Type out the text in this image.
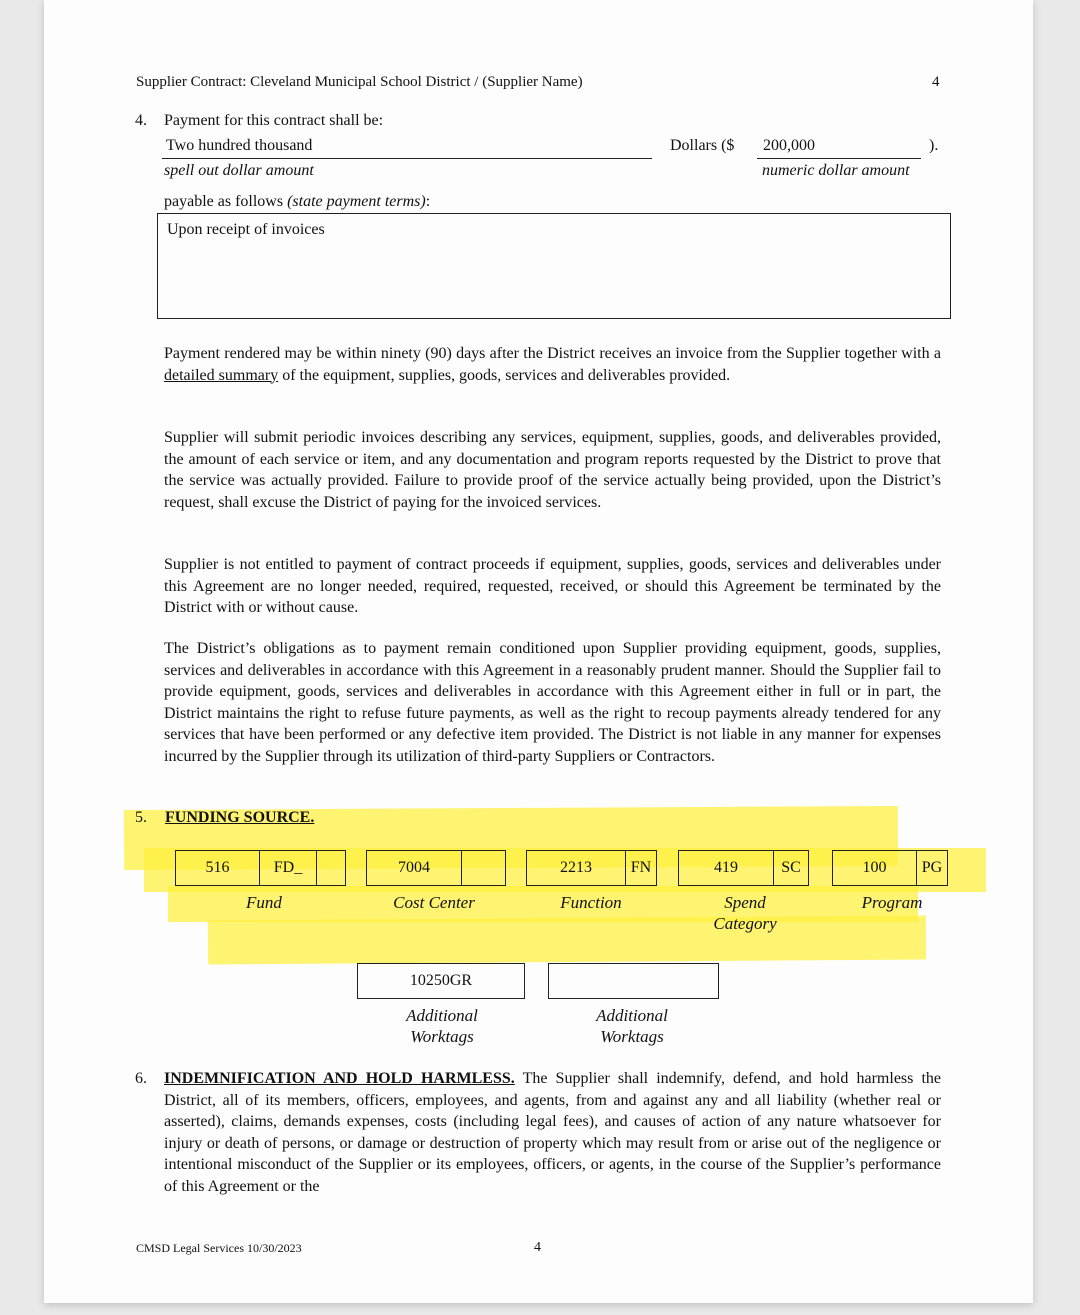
Supplier Contract: Cleveland Municipal School District / (Supplier Name)	4
4. Payment for this contract shall be:
Two hundred thousand
spell out dollar amount
Dollars ($ 200,000	).
numeric dollar amount
payable as follows (state payment terms):
Upon receipt of invoices
Payment rendered may be within ninety (90) days after the District receives an invoice from the Supplier together with a detailed summary of the equipment, supplies, goods, services and deliverables provided.
Supplier will submit periodic invoices describing any services, equipment, supplies, goods, and deliverables provided, the amount of each service or item, and any documentation and program reports requested by the District to prove that the service was actually provided. Failure to provide proof of the service actually being provided, upon the District’s request, shall excuse the District of paying for the invoiced services.
Supplier is not entitled to payment of contract proceeds if equipment, supplies, goods, services and deliverables under this Agreement are no longer needed, required, requested, received, or should this Agreement be terminated by the District with or without cause.
The District’s obligations as to payment remain conditioned upon Supplier providing equipment, goods, supplies, services and deliverables in accordance with this Agreement in a reasonably prudent manner. Should the Supplier fail to provide equipment, goods, services and deliverables in accordance with this Agreement either in full or in part, the District maintains the right to refuse future payments, as well as the right to recoup payments already tendered for any services that have been performed or any defective item provided. The District is not liable in any manner for expenses incurred by the Supplier through its utilization of third-party Suppliers or Contractors.
5. FUNDING SOURCE.
516	FD_
Fund
7004
Cost Center
2213 FN
Function
419	SC
Spend
Category
100 PG
Program
10250GR
Additional
Worktags
Additional
Worktags
6. INDEMNIFICATION AND HOLD HARMLESS. The Supplier shall indemnify, defend, and hold harmless the District, all of its members, officers, employees, and agents, from and against any and all liability (whether real or asserted), claims, demands expenses, costs (including legal fees), and causes of action of any nature whatsoever for injury or death of persons, or damage or destruction of property which may result from or arise out of the negligence or intentional misconduct of the Supplier or its employees, officers, or agents, in the course of the Supplier’s performance of this Agreement or the
CMSD Legal Services 10/30/2023	4
